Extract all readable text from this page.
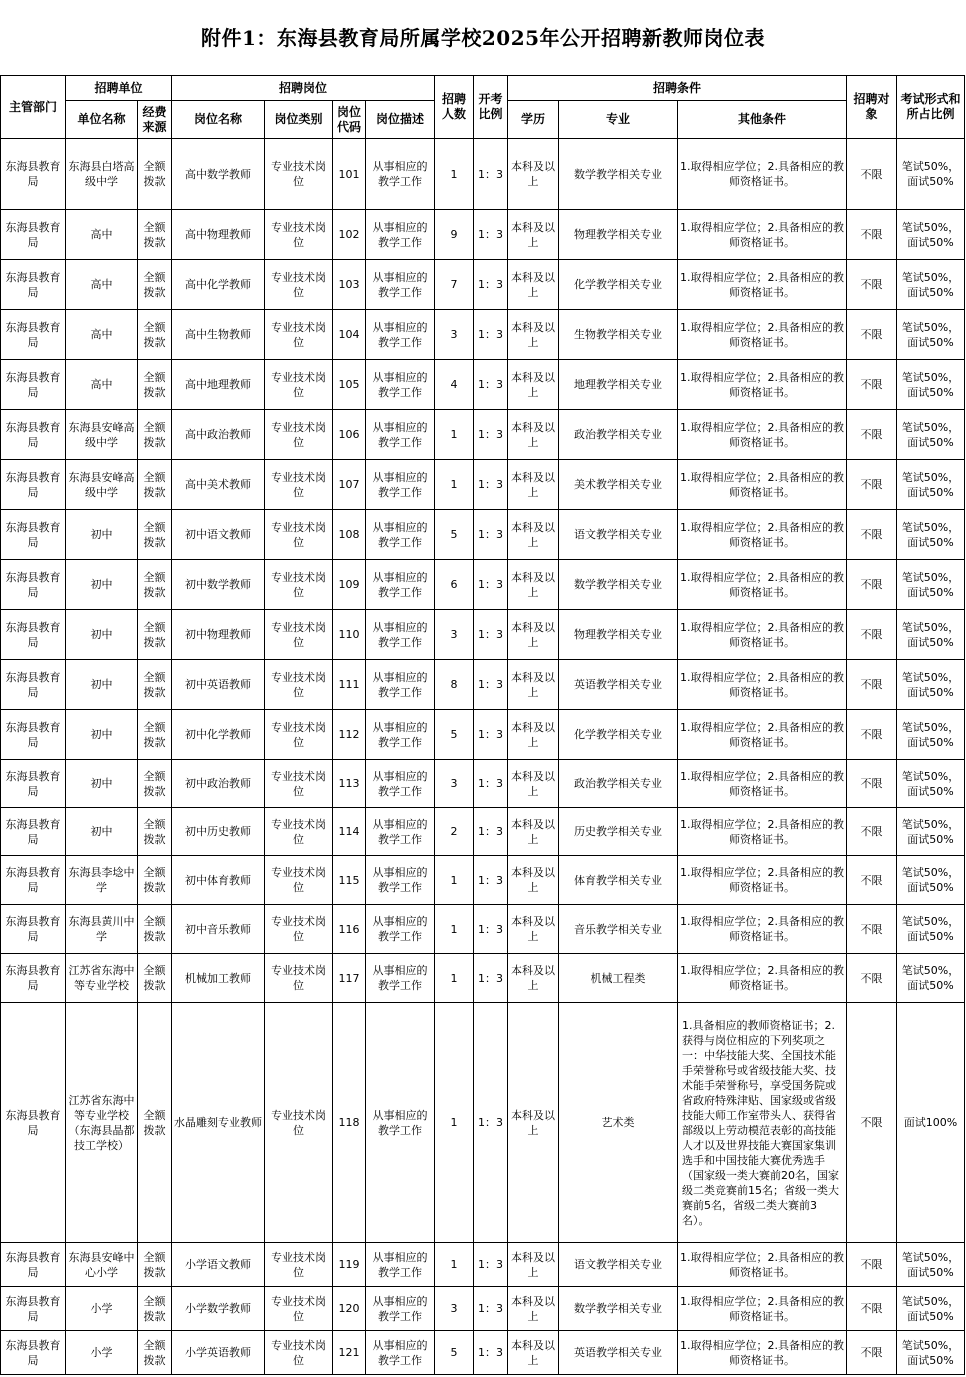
附件1：东海县教育局所属学校2025年公开招聘新教师岗位表
主管部门	招聘单位		招聘岗位				招聘人数	开考比例	招聘条件			招聘对象	考试形式和所占比例
	单位名称	经费来源	岗位名称	岗位类别	岗位代码	岗位描述			学历	专业	其他条件		
东海县教育局	东海县白塔高级中学	全额拨款	高中数学教师	专业技术岗位	101	从事相应的教学工作	1	1：3	本科及以上	数学教学相关专业	1.取得相应学位；2.具备相应的教师资格证书。	不限	笔试50%，面试50%
东海县教育局	高中	全额拨款	高中物理教师	专业技术岗位	102	从事相应的教学工作	9	1：3	本科及以上	物理教学相关专业	1.取得相应学位；2.具备相应的教师资格证书。	不限	笔试50%，面试50%
东海县教育局	高中	全额拨款	高中化学教师	专业技术岗位	103	从事相应的教学工作	7	1：3	本科及以上	化学教学相关专业	1.取得相应学位；2.具备相应的教师资格证书。	不限	笔试50%，面试50%
东海县教育局	高中	全额拨款	高中生物教师	专业技术岗位	104	从事相应的教学工作	3	1：3	本科及以上	生物教学相关专业	1.取得相应学位；2.具备相应的教师资格证书。	不限	笔试50%，面试50%
东海县教育局	高中	全额拨款	高中地理教师	专业技术岗位	105	从事相应的教学工作	4	1：3	本科及以上	地理教学相关专业	1.取得相应学位；2.具备相应的教师资格证书。	不限	笔试50%，面试50%
东海县教育局	东海县安峰高级中学	全额拨款	高中政治教师	专业技术岗位	106	从事相应的教学工作	1	1：3	本科及以上	政治教学相关专业	1.取得相应学位；2.具备相应的教师资格证书。	不限	笔试50%，面试50%
东海县教育局	东海县安峰高级中学	全额拨款	高中美术教师	专业技术岗位	107	从事相应的教学工作	1	1：3	本科及以上	美术教学相关专业	1.取得相应学位；2.具备相应的教师资格证书。	不限	笔试50%，面试50%
东海县教育局	初中	全额拨款	初中语文教师	专业技术岗位	108	从事相应的教学工作	5	1：3	本科及以上	语文教学相关专业	1.取得相应学位；2.具备相应的教师资格证书。	不限	笔试50%，面试50%
东海县教育局	初中	全额拨款	初中数学教师	专业技术岗位	109	从事相应的教学工作	6	1：3	本科及以上	数学教学相关专业	1.取得相应学位；2.具备相应的教师资格证书。	不限	笔试50%，面试50%
东海县教育局	初中	全额拨款	初中物理教师	专业技术岗位	110	从事相应的教学工作	3	1：3	本科及以上	物理教学相关专业	1.取得相应学位；2.具备相应的教师资格证书。	不限	笔试50%，面试50%
东海县教育局	初中	全额拨款	初中英语教师	专业技术岗位	111	从事相应的教学工作	8	1：3	本科及以上	英语教学相关专业	1.取得相应学位；2.具备相应的教师资格证书。	不限	笔试50%，面试50%
东海县教育局	初中	全额拨款	初中化学教师	专业技术岗位	112	从事相应的教学工作	5	1：3	本科及以上	化学教学相关专业	1.取得相应学位；2.具备相应的教师资格证书。	不限	笔试50%，面试50%
东海县教育局	初中	全额拨款	初中政治教师	专业技术岗位	113	从事相应的教学工作	3	1：3	本科及以上	政治教学相关专业	1.取得相应学位；2.具备相应的教师资格证书。	不限	笔试50%，面试50%
东海县教育局	初中	全额拨款	初中历史教师	专业技术岗位	114	从事相应的教学工作	2	1：3	本科及以上	历史教学相关专业	1.取得相应学位；2.具备相应的教师资格证书。	不限	笔试50%，面试50%
东海县教育局	东海县李埝中学	全额拨款	初中体育教师	专业技术岗位	115	从事相应的教学工作	1	1：3	本科及以上	体育教学相关专业	1.取得相应学位；2.具备相应的教师资格证书。	不限	笔试50%，面试50%
东海县教育局	东海县黄川中学	全额拨款	初中音乐教师	专业技术岗位	116	从事相应的教学工作	1	1：3	本科及以上	音乐教学相关专业	1.取得相应学位；2.具备相应的教师资格证书。	不限	笔试50%，面试50%
东海县教育局	江苏省东海中等专业学校	全额拨款	机械加工教师	专业技术岗位	117	从事相应的教学工作	1	1：3	本科及以上	机械工程类	1.取得相应学位；2.具备相应的教师资格证书。	不限	笔试50%，面试50%
东海县教育局	江苏省东海中等专业学校（东海县晶都技工学校）	全额拨款	水晶雕刻专业教师	专业技术岗位	118	从事相应的教学工作	1	1：3	本科及以上	艺术类	1.具备相应的教师资格证书；2.获得与岗位相应的下列奖项之一：中华技能大奖、全国技术能手荣誉称号或省级技能大奖、技术能手荣誉称号，享受国务院或省政府特殊津贴、国家级或省级技能大师工作室带头人、获得省部级以上劳动模范表彰的高技能人才以及世界技能大赛国家集训选手和中国技能大赛优秀选手（国家级一类大赛前20名，国家级二类竞赛前15名；省级一类大赛前5名，省级二类大赛前3名）。	不限	面试100%
东海县教育局	东海县安峰中心小学	全额拨款	小学语文教师	专业技术岗位	119	从事相应的教学工作	1	1：3	本科及以上	语文教学相关专业	1.取得相应学位；2.具备相应的教师资格证书。	不限	笔试50%，面试50%
东海县教育局	小学	全额拨款	小学数学教师	专业技术岗位	120	从事相应的教学工作	3	1：3	本科及以上	数学教学相关专业	1.取得相应学位；2.具备相应的教师资格证书。	不限	笔试50%，面试50%
东海县教育局	小学	全额拨款	小学英语教师	专业技术岗位	121	从事相应的教学工作	5	1：3	本科及以上	英语教学相关专业	1.取得相应学位；2.具备相应的教师资格证书。	不限	笔试50%，面试50%
